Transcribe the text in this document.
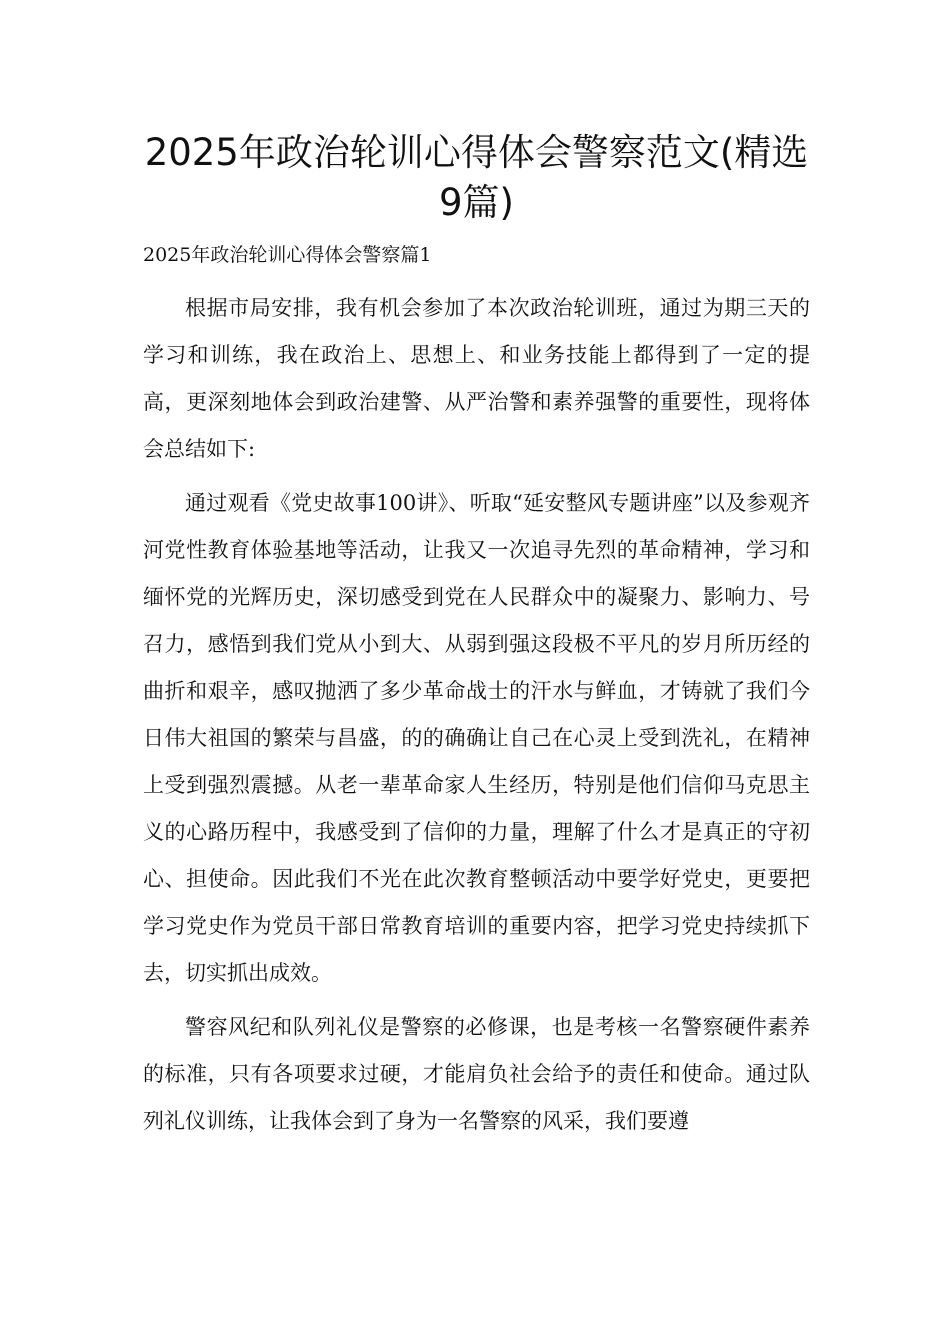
2025年政治轮训心得体会警察范文(精选9篇)
2025年政治轮训心得体会警察篇1

根据市局安排，我有机会参加了本次政治轮训班，通过为期三天的学习和训练，我在政治上、思想上、和业务技能上都得到了一定的提高，更深刻地体会到政治建警、从严治警和素养强警的重要性，现将体会总结如下:

通过观看《党史故事100讲》、听取“延安整风专题讲座”以及参观齐河党性教育体验基地等活动，让我又一次追寻先烈的革命精神，学习和缅怀党的光辉历史，深切感受到党在人民群众中的凝聚力、影响力、号召力，感悟到我们党从小到大、从弱到强这段极不平凡的岁月所历经的曲折和艰辛，感叹抛洒了多少革命战士的汗水与鲜血，才铸就了我们今日伟大祖国的繁荣与昌盛，的的确确让自己在心灵上受到洗礼，在精神上受到强烈震撼。从老一辈革命家人生经历，特别是他们信仰马克思主义的心路历程中，我感受到了信仰的力量，理解了什么才是真正的守初心、担使命。因此我们不光在此次教育整顿活动中要学好党史，更要把学习党史作为党员干部日常教育培训的重要内容，把学习党史持续抓下去，切实抓出成效。

警容风纪和队列礼仪是警察的必修课，也是考核一名警察硬件素养的标准，只有各项要求过硬，才能肩负社会给予的责任和使命。通过队列礼仪训练，让我体会到了身为一名警察的风采，我们要遵
